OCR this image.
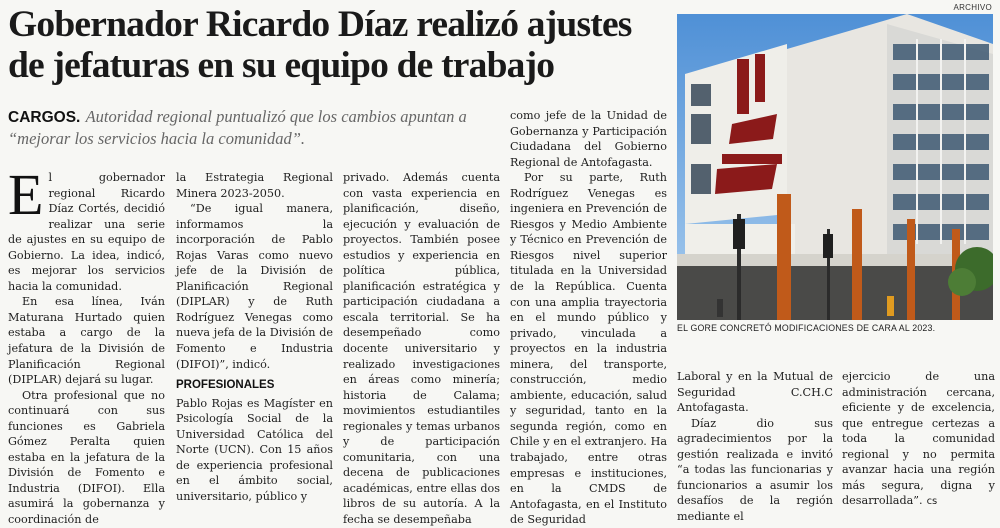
Gobernador Ricardo Díaz realizó ajustes de jefaturas en su equipo de trabajo
CARGOS. Autoridad regional puntualizó que los cambios apuntan a “mejorar los servicios hacia la comunidad”.
ARCHIVO
EL GORE CONCRETÓ MODIFICACIONES DE CARA AL 2023.

El gobernador regional Ricardo Díaz Cortés, decidió realizar una serie de ajustes en su equipo de Gobierno. La idea, indicó, es mejorar los servicios hacia la comunidad.

En esa línea, Iván Maturana Hurtado quien estaba a cargo de la jefatura de la División de Planificación Regional (DIPLAR) dejará su lugar.

Otra profesional que no continuará con sus funciones es Gabriela Gómez Peralta quien estaba en la jefatura de la División de Fomento e Industria (DIFOI). Ella asumirá la gobernanza y coordinación de

la Estrategia Regional Minera 2023-2050.

“De igual manera, informamos la incorporación de Pablo Rojas Varas como nuevo jefe de la División de Planificación Regional (DIPLAR) y de Ruth Rodríguez Venegas como nueva jefa de la División de Fomento e Industria (DIFOI)”, indicó.

PROFESIONALES

Pablo Rojas es Magíster en Psicología Social de la Universidad Católica del Norte (UCN). Con 15 años de experiencia profesional en el ámbito social, universitario, público y

privado. Además cuenta con vasta experiencia en planificación, diseño, ejecución y evaluación de proyectos. También posee estudios y experiencia en política pública, planificación estratégica y participación ciudadana a escala territorial. Se ha desempeñado como docente universitario y realizado investigaciones en áreas como minería; historia de Calama; movimientos estudiantiles regionales y temas urbanos y de participación comunitaria, con una decena de publicaciones académicas, entre ellas dos libros de su autoría. A la fecha se desempeñaba

como jefe de la Unidad de Gobernanza y Participación Ciudadana del Gobierno Regional de Antofagasta.

Por su parte, Ruth Rodríguez Venegas es ingeniera en Prevención de Riesgos y Medio Ambiente y Técnico en Prevención de Riesgos nivel superior titulada en la Universidad de la República. Cuenta con una amplia trayectoria en el mundo público y privado, vinculada a proyectos en la industria minera, del transporte, construcción, medio ambiente, educación, salud y seguridad, tanto en la segunda región, como en Chile y en el extranjero. Ha trabajado, entre otras empresas e instituciones, en la CMDS de Antofagasta, en el Instituto de Seguridad

Laboral y en la Mutual de Seguridad C.CH.C Antofagasta.

Díaz dio sus agradecimientos por la gestión realizada e invitó “a todas las funcionarias y funcionarios a asumir los desafíos de la región mediante el

ejercicio de una administración cercana, eficiente y de excelencia, que entregue certezas a toda la comunidad regional y no permita avanzar hacia una región más segura, digna y desarrollada”. cs
